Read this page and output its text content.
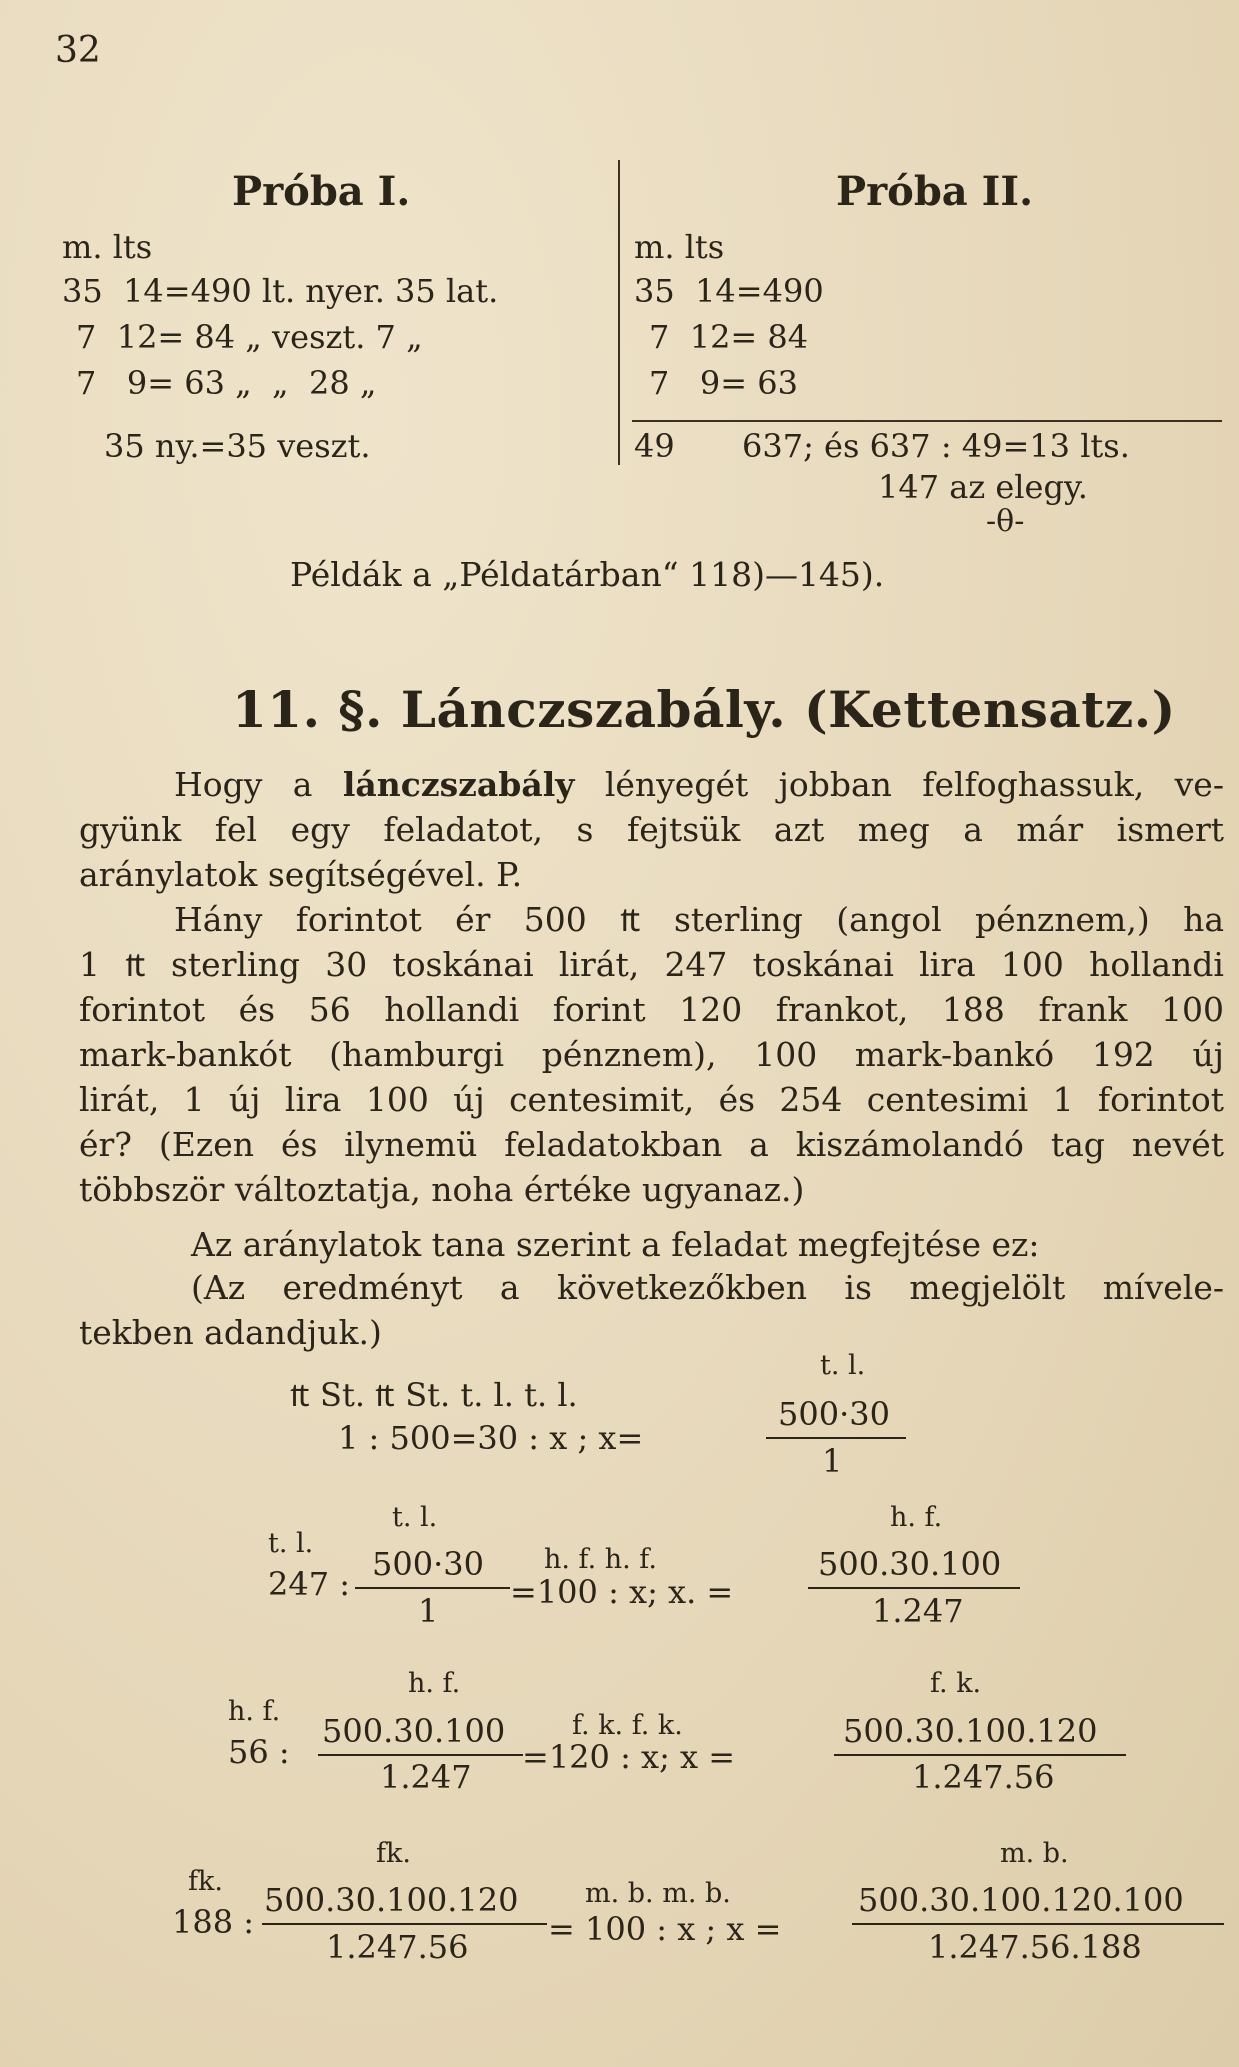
32
Próba I.
m. lts
35  14=490 lt. nyer. 35 lat.
7  12= 84 „ veszt. 7 „
7   9= 63 „  „  28 „
35 ny.=35 veszt.
Próba II.
m. lts
35  14=490
7  12= 84
7   9= 63
49 637; és 637 : 49=13 lts.
147 az elegy.
-θ-
Példák a „Példatárban“ 118)—145).
11. §. Lánczszabály. (Kettensatz.)
Hogy a lánczszabály lényegét jobban felfoghassuk, ve-
gyünk fel egy feladatot, s fejtsük azt meg a már ismert
aránylatok segítségével. P.
Hány forintot ér 500 ₶ sterling (angol pénznem,) ha
1 ₶ sterling 30 toskánai lirát, 247 toskánai lira 100 hollandi
forintot és 56 hollandi forint 120 frankot, 188 frank 100
mark-bankót (hamburgi pénznem), 100 mark-bankó 192 új
lirát, 1 új lira 100 új centesimit, és 254 centesimi 1 forintot
ér? (Ezen és ilynemü feladatokban a kiszámolandó tag nevét
többször változtatja, noha értéke ugyanaz.)
Az aránylatok tana szerint a feladat megfejtése ez:
(Az eredményt a következőkben is megjelölt mívele-
tekben adandjuk.)
₶ St. ₶ St. t. l. t. l.
1 : 500=30 : x ; x=
t. l.
500·30
1
t. l.
247 :
t. l.
500·30
1
h. f. h. f.
=100 : x; x. =
h. f.
500.30.100
1.247
h. f.
56 :
h. f.
500.30.100
1.247
f. k. f. k.
=120 : x; x =
f. k.
500.30.100.120
1.247.56
fk.
188 :
fk.
500.30.100.120
1.247.56
m. b. m. b.
= 100 : x ; x =
m. b.
500.30.100.120.100
1.247.56.188
